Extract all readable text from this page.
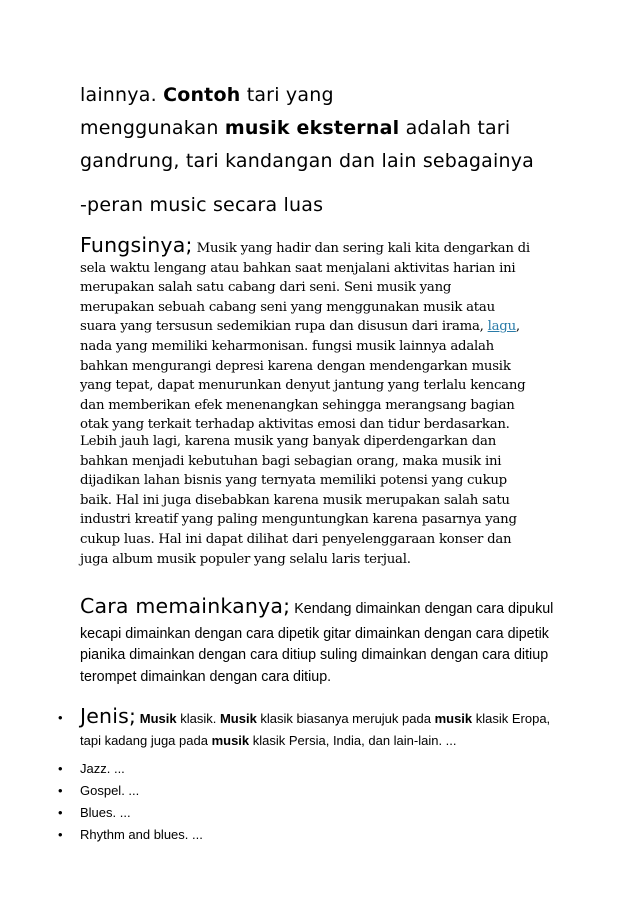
lainnya. Contoh tari yang
menggunakan musik eksternal adalah tari
gandrung, tari kandangan dan lain sebagainya
-peran music secara luas
Fungsinya; Musik yang hadir dan sering kali kita dengarkan di
sela waktu lengang atau bahkan saat menjalani aktivitas harian ini
merupakan salah satu cabang dari seni. Seni musik yang
merupakan sebuah cabang seni yang menggunakan musik atau
suara yang tersusun sedemikian rupa dan disusun dari irama, lagu,
nada yang memiliki keharmonisan. fungsi musik lainnya adalah
bahkan mengurangi depresi karena dengan mendengarkan musik
yang tepat, dapat menurunkan denyut jantung yang terlalu kencang
dan memberikan efek menenangkan sehingga merangsang bagian
otak yang terkait terhadap aktivitas emosi dan tidur berdasarkan.
Lebih jauh lagi, karena musik yang banyak diperdengarkan dan
bahkan menjadi kebutuhan bagi sebagian orang, maka musik ini
dijadikan lahan bisnis yang ternyata memiliki potensi yang cukup
baik. Hal ini juga disebabkan karena musik merupakan salah satu
industri kreatif yang paling menguntungkan karena pasarnya yang
cukup luas. Hal ini dapat dilihat dari penyelenggaraan konser dan
juga album musik populer yang selalu laris terjual.
Cara memainkanya; Kendang dimainkan dengan cara dipukul
kecapi dimainkan dengan cara dipetik gitar dimainkan dengan cara dipetik
pianika dimainkan dengan cara ditiup suling dimainkan dengan cara ditiup
terompet dimainkan dengan cara ditiup.
• Jenis; Musik klasik. Musik klasik biasanya merujuk pada musik klasik Eropa,
tapi kadang juga pada musik klasik Persia, India, dan lain-lain. ...
• Jazz. ...
• Gospel. ...
• Blues. ...
• Rhythm and blues. ...
